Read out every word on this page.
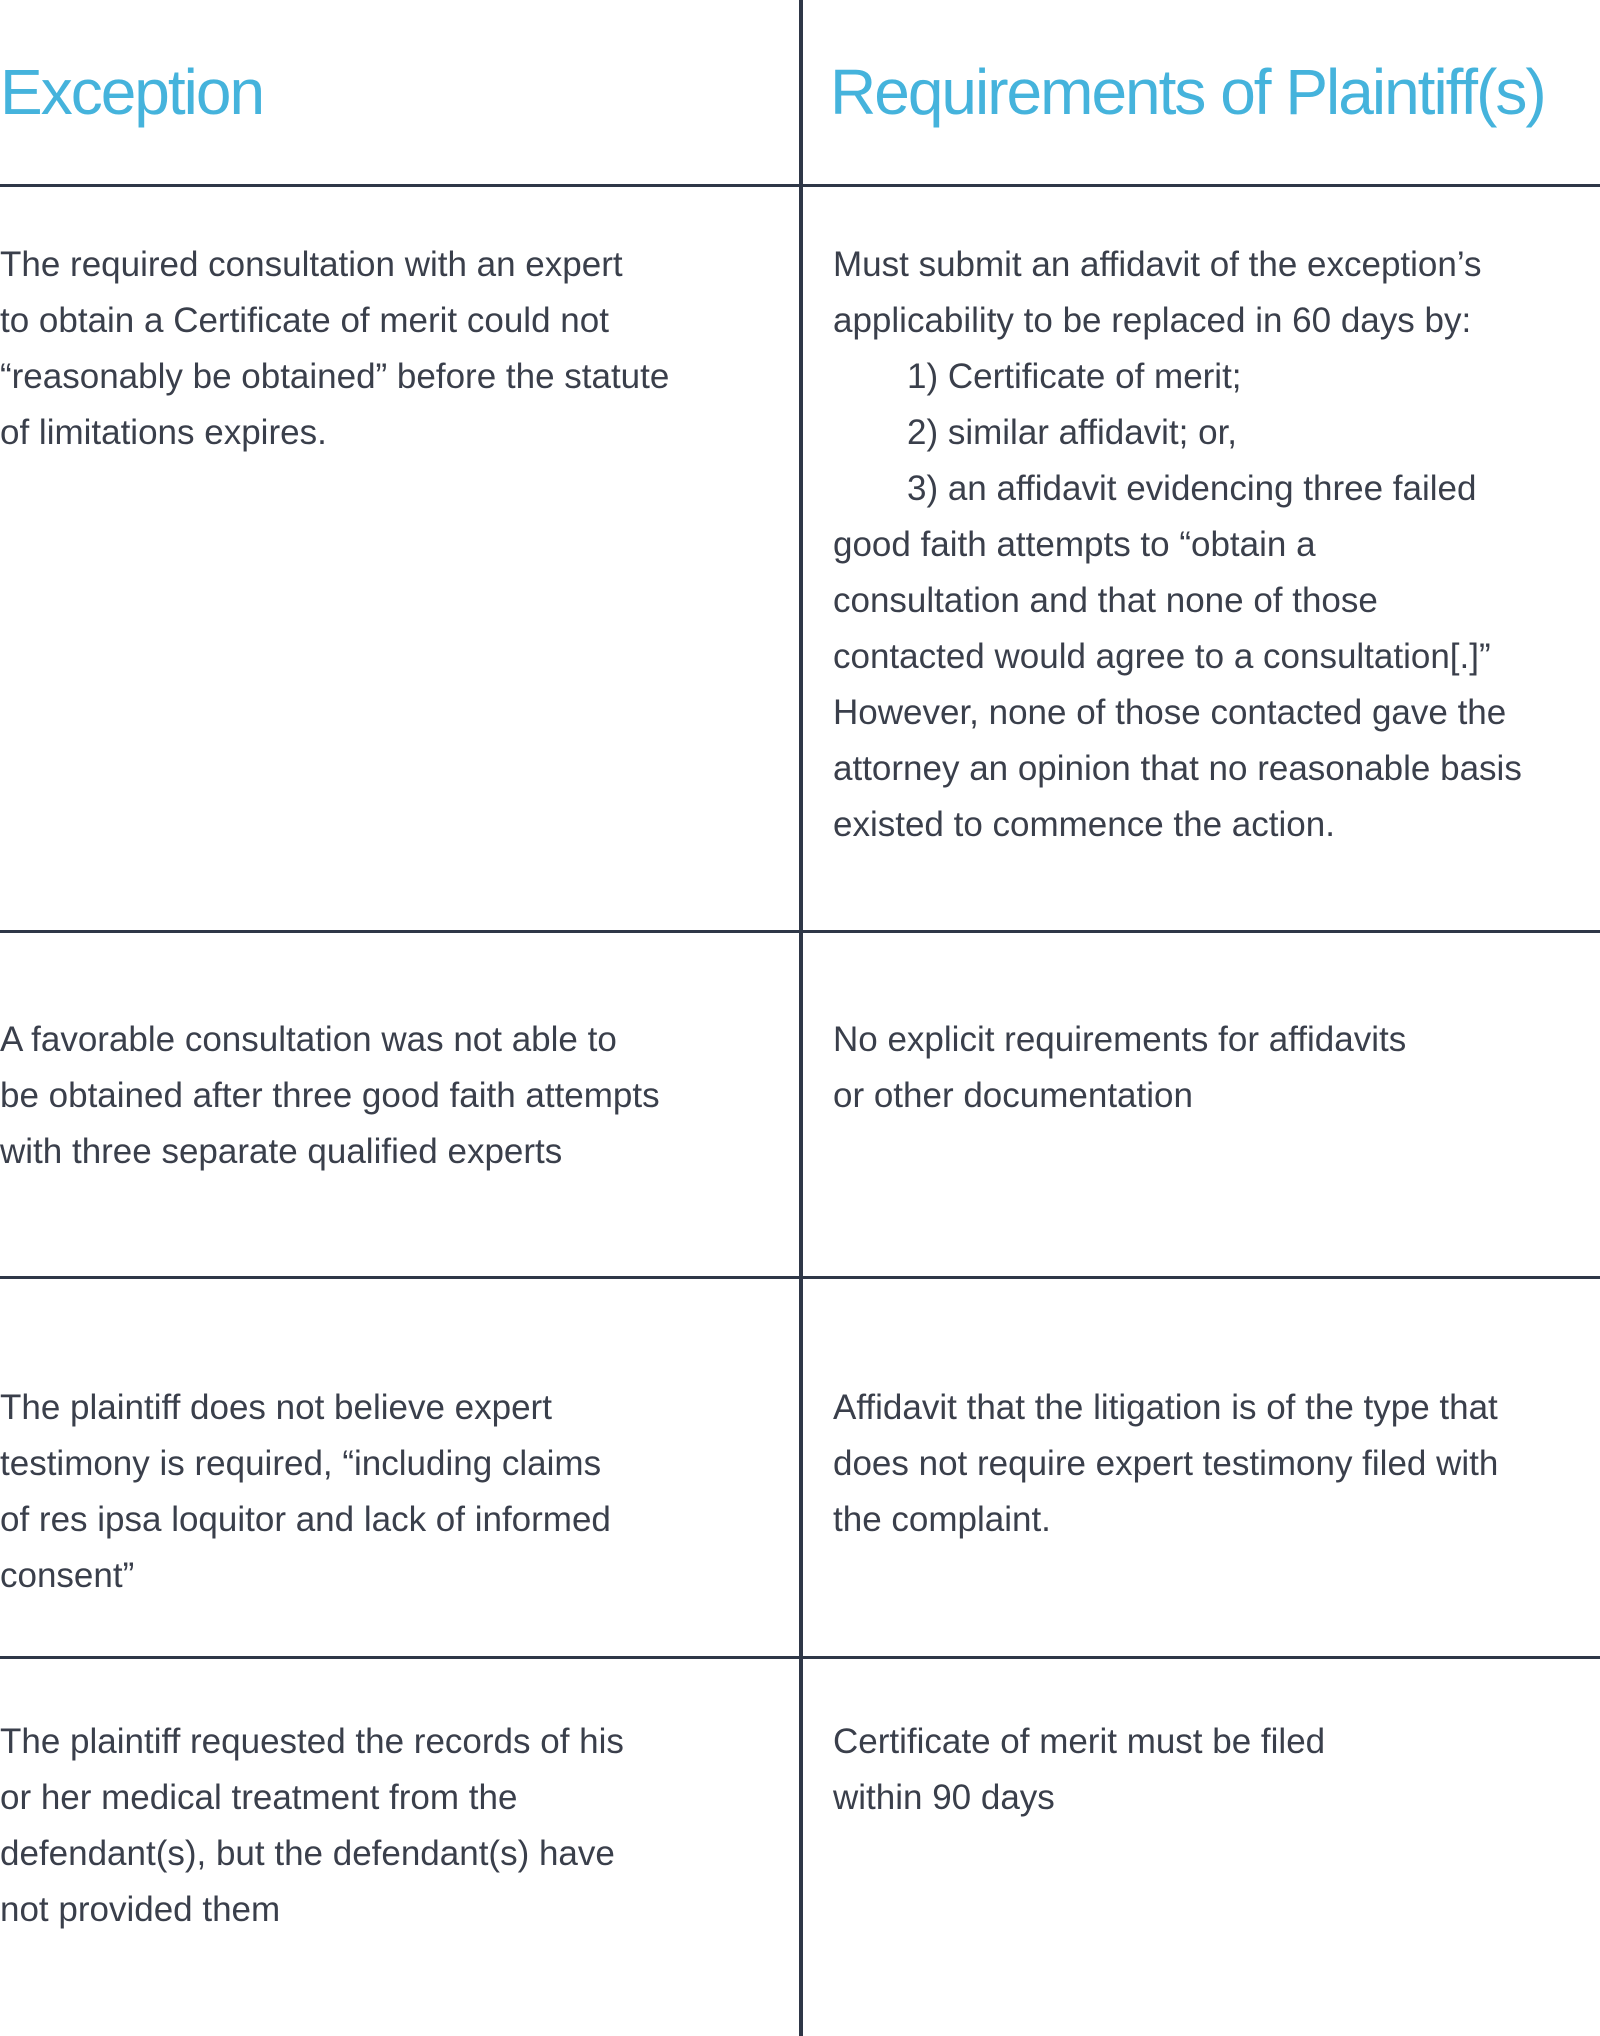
Exception	Requirements of Plaintiff(s)
The required consultation with an expert
to obtain a Certificate of merit could not
“reasonably be obtained” before the statute
of limitations expires.
Must submit an affidavit of the exception’s
applicability to be replaced in 60 days by:
1) Certificate of merit;
2) similar affidavit; or,
3) an affidavit evidencing three failed
good faith attempts to “obtain a
consultation and that none of those
contacted would agree to a consultation[.]”
However, none of those contacted gave the
attorney an opinion that no reasonable basis
existed to commence the action.
A favorable consultation was not able to
be obtained after three good faith attempts
with three separate qualified experts
No explicit requirements for affidavits
or other documentation
The plaintiff does not believe expert
testimony is required, “including claims
of res ipsa loquitor and lack of informed
consent”
Affidavit that the litigation is of the type that
does not require expert testimony filed with
the complaint.
The plaintiff requested the records of his
or her medical treatment from the
defendant(s), but the defendant(s) have
not provided them
Certificate of merit must be filed
within 90 days
